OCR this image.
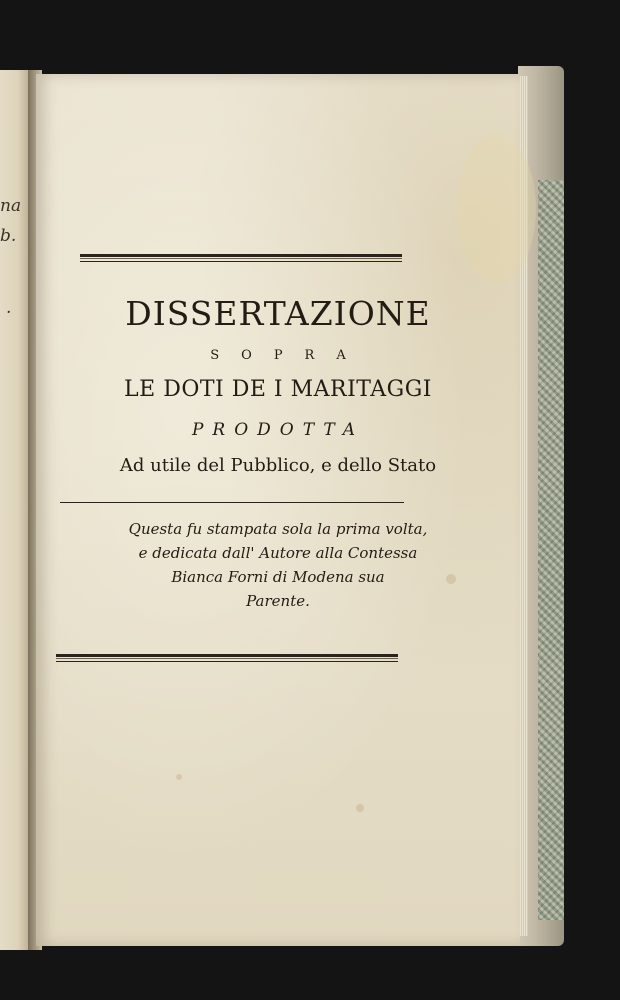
na
b.
.	DISSERTAZIONE
SOPRA
LE DOTI DE I MARITAGGI
PRODOTTA
Ad utile del Pubblico, e dello Stato
Questa fu stampata sola la prima volta,
e dedicata dall' Autore alla Contessa
Bianca Forni di Modena sua
Parente.
